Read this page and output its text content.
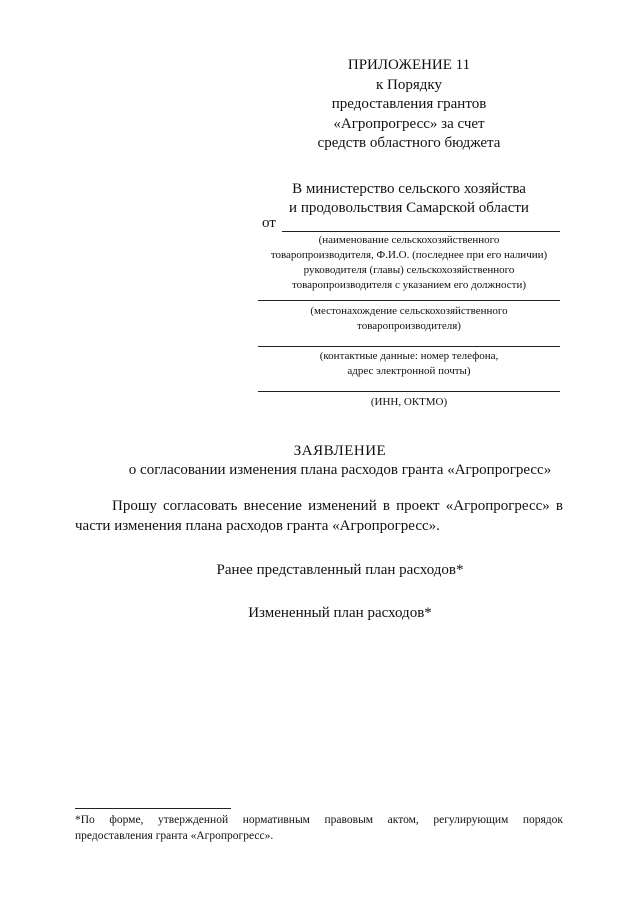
ПРИЛОЖЕНИЕ 11
к Порядку
предоставления грантов
«Агропрогресс» за счет
средств областного бюджета
В министерство сельского хозяйства
и продовольствия Самарской области
от
(наименование сельскохозяйственного
товаропроизводителя, Ф.И.О. (последнее при его наличии)
руководителя (главы) сельскохозяйственного
товаропроизводителя с указанием его должности)
(местонахождение сельскохозяйственного
товаропроизводителя)
(контактные данные: номер телефона,
адрес электронной почты)
(ИНН, ОКТМО)
ЗАЯВЛЕНИЕ
о согласовании изменения плана расходов гранта «Агропрогресс»
Прошу согласовать внесение изменений в проект «Агропрогресс» в
части изменения плана расходов гранта «Агропрогресс».
Ранее представленный план расходов*
Измененный план расходов*
*По форме, утвержденной нормативным правовым актом, регулирующим порядок
предоставления гранта «Агропрогресс».
